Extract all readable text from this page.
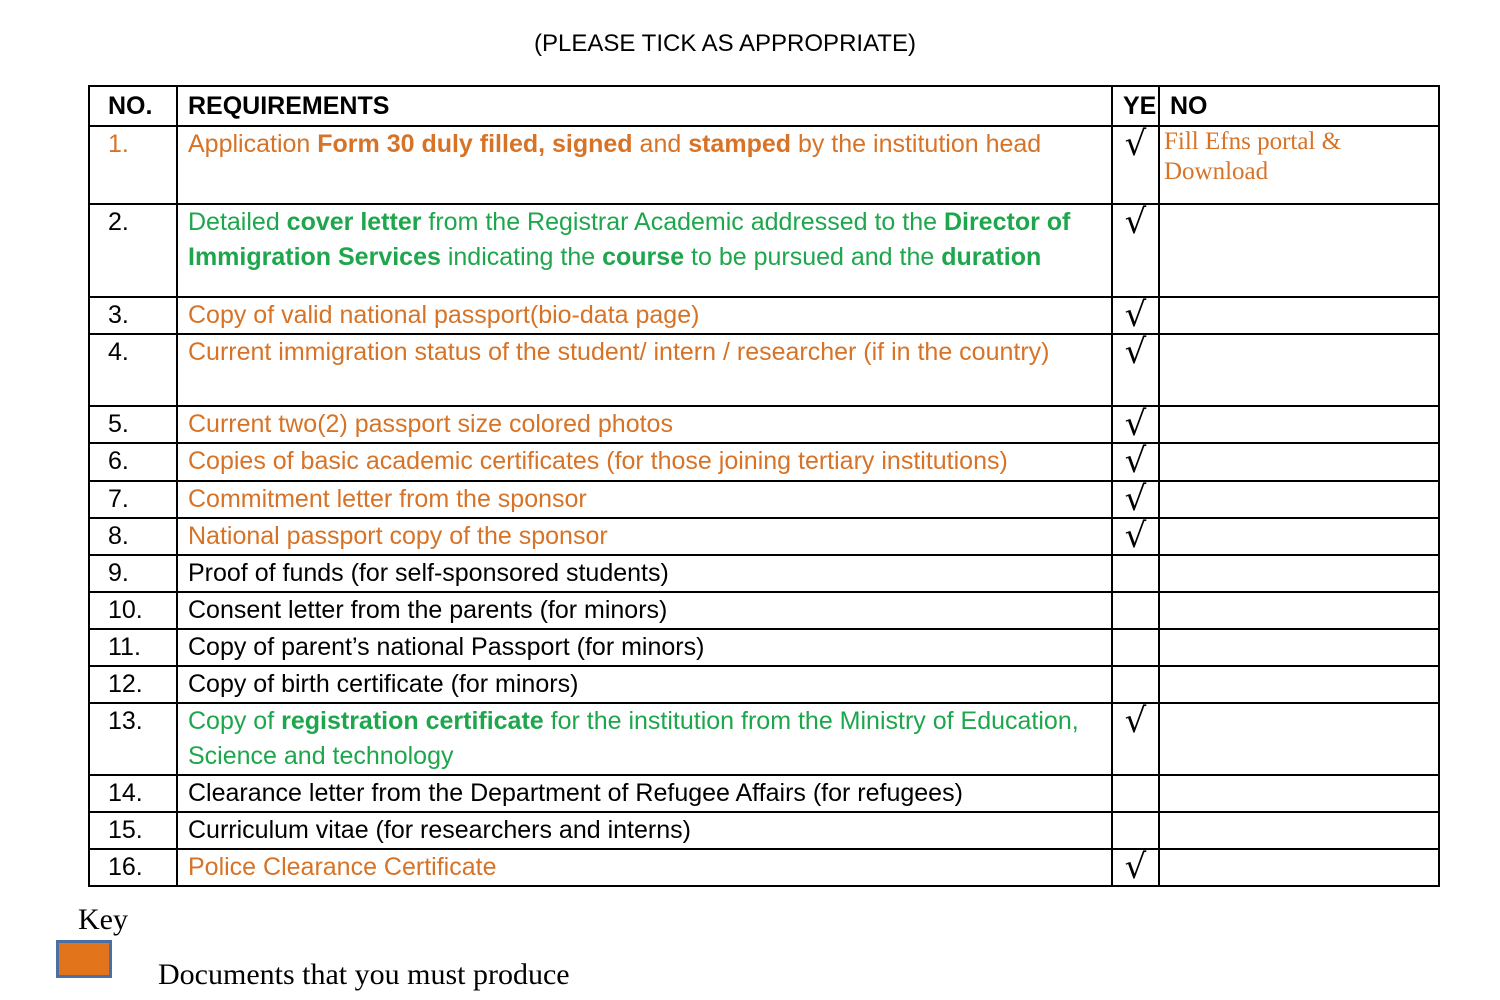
(PLEASE TICK AS APPROPRIATE)
NO.	REQUIREMENTS	YE	NO
1.	Application Form 30 duly filled, signed and stamped by the institution head	√	Fill Efns portal & Download
2.	Detailed cover letter from the Registrar Academic addressed to the Director of Immigration Services indicating the course to be pursued and the duration	√	
3.	Copy of valid national passport(bio-data page)	√	
4.	Current immigration status of the student/ intern / researcher (if in the country)	√	
5.	Current two(2) passport size colored photos	√	
6.	Copies of basic academic certificates (for those joining tertiary institutions)	√	
7.	Commitment letter from the sponsor	√	
8.	National passport copy of the sponsor	√	
9.	Proof of funds (for self-sponsored students)		
10.	Consent letter from the parents (for minors)		
11.	Copy of parent’s national Passport (for minors)		
12.	Copy of birth certificate (for minors)		
13.	Copy of registration certificate for the institution from the Ministry of Education, Science and technology	√	
14.	Clearance letter from the Department of Refugee Affairs (for refugees)		
15.	Curriculum vitae (for researchers and interns)		
16.	Police Clearance Certificate	√	
Key
Documents that you must produce
